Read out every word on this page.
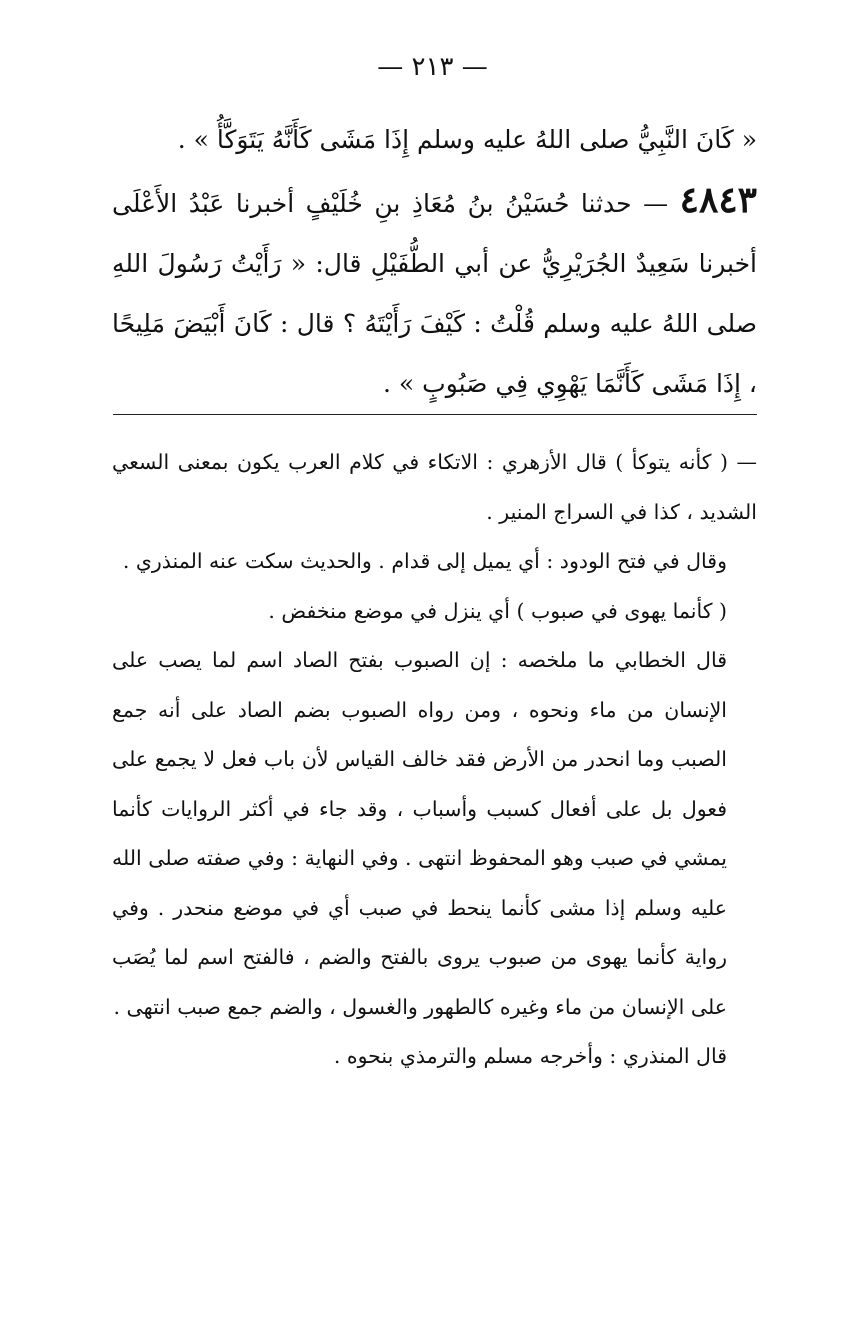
— ٢١٣ —
« كَانَ النَّبِيُّ صلى اللهُ عليه وسلم إِذَا مَشَى كَأَنَّهُ يَتَوَكَّأُ » .
٤٨٤٣ — حدثنا حُسَيْنُ بنُ مُعَاذِ بنِ خُلَيْفٍ أخبرنا عَبْدُ الأَعْلَى أخبرنا سَعِيدٌ الجُرَيْرِيُّ عن أبي الطُّفَيْلِ قال: « رَأَيْتُ رَسُولَ اللهِ صلى اللهُ عليه وسلم قُلْتُ : كَيْفَ رَأَيْتَهُ ؟ قال : كَانَ أَبْيَضَ مَلِيحًا ، إِذَا مَشَى كَأَنَّمَا يَهْوِي فِي صَبُوبٍ » .

— ( كأنه يتوكأ ) قال الأزهري : الاتكاء في كلام العرب يكون بمعنى السعي الشديد ، كذا في السراج المنير .

وقال في فتح الودود : أي يميل إلى قدام . والحديث سكت عنه المنذري .

( كأنما يهوى في صبوب ) أي ينزل في موضع منخفض .

قال الخطابي ما ملخصه : إن الصبوب بفتح الصاد اسم لما يصب على الإنسان من ماء ونحوه ، ومن رواه الصبوب بضم الصاد على أنه جمع الصبب وما انحدر من الأرض فقد خالف القياس لأن باب فعل لا يجمع على فعول بل على أفعال كسبب وأسباب ، وقد جاء في أكثر الروايات كأنما يمشي في صبب وهو المحفوظ انتهى . وفي النهاية : وفي صفته صلى الله عليه وسلم إذا مشى كأنما ينحط في صبب أي في موضع منحدر . وفي رواية كأنما يهوى من صبوب يروى بالفتح والضم ، فالفتح اسم لما يُصَب على الإنسان من ماء وغيره كالطهور والغسول ، والضم جمع صبب انتهى .

قال المنذري : وأخرجه مسلم والترمذي بنحوه .
